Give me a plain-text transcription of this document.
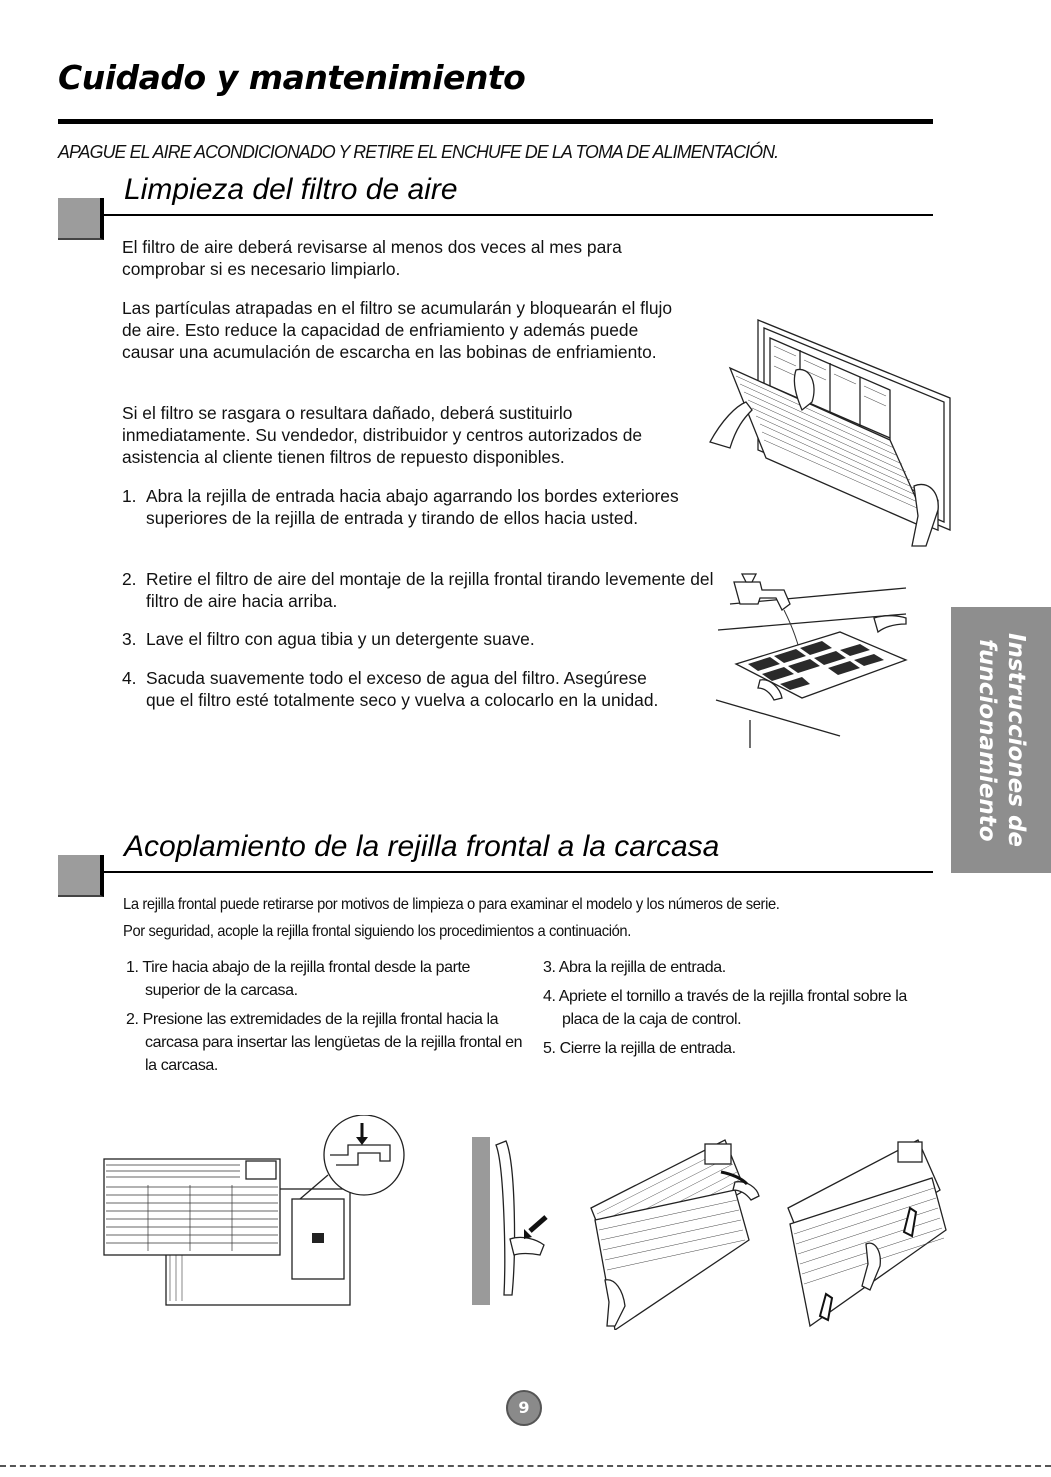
Cuidado y mantenimiento

APAGUE EL AIRE ACONDICIONADO Y RETIRE EL ENCHUFE DE LA TOMA DE ALIMENTACIÓN.

Limpieza del filtro de aire

El filtro de aire deberá revisarse al menos dos veces al mes para comprobar si es necesario limpiarlo.

Las partículas atrapadas en el filtro se acumularán y bloquearán el flujo de aire. Esto reduce la capacidad de enfriamiento y además puede causar una acumulación de escarcha en las bobinas de enfriamiento.

Si el filtro se rasgara o resultara dañado, deberá sustituirlo inmediatamente. Su vendedor, distribuidor y centros autorizados de asistencia al cliente tienen filtros de repuesto disponibles.

1. Abra la rejilla de entrada hacia abajo agarrando los bordes exteriores superiores de la rejilla de entrada y tirando de ellos hacia usted.

2. Retire el filtro de aire del montaje de la rejilla frontal tirando levemente del filtro de aire hacia arriba.

3. Lave el filtro con agua tibia y un detergente suave.

4. Sacuda suavemente todo el exceso de agua del filtro. Asegúrese que el filtro esté totalmente seco y vuelva a colocarlo en la unidad.

Acoplamiento de la rejilla frontal a la carcasa

La rejilla frontal puede retirarse por motivos de limpieza o para examinar el modelo y los números de serie.

Por seguridad, acople la rejilla frontal siguiendo los procedimientos a continuación.

1. Tire hacia abajo de la rejilla frontal desde la parte superior de la carcasa.

2. Presione las extremidades de la rejilla frontal hacia la carcasa para insertar las lengüetas de la rejilla frontal en la carcasa.

3. Abra la rejilla de entrada.

4. Apriete el tornillo a través de la rejilla frontal sobre la placa de la caja de control.

5. Cierre la rejilla de entrada.

Instrucciones de
funcionamiento
9
